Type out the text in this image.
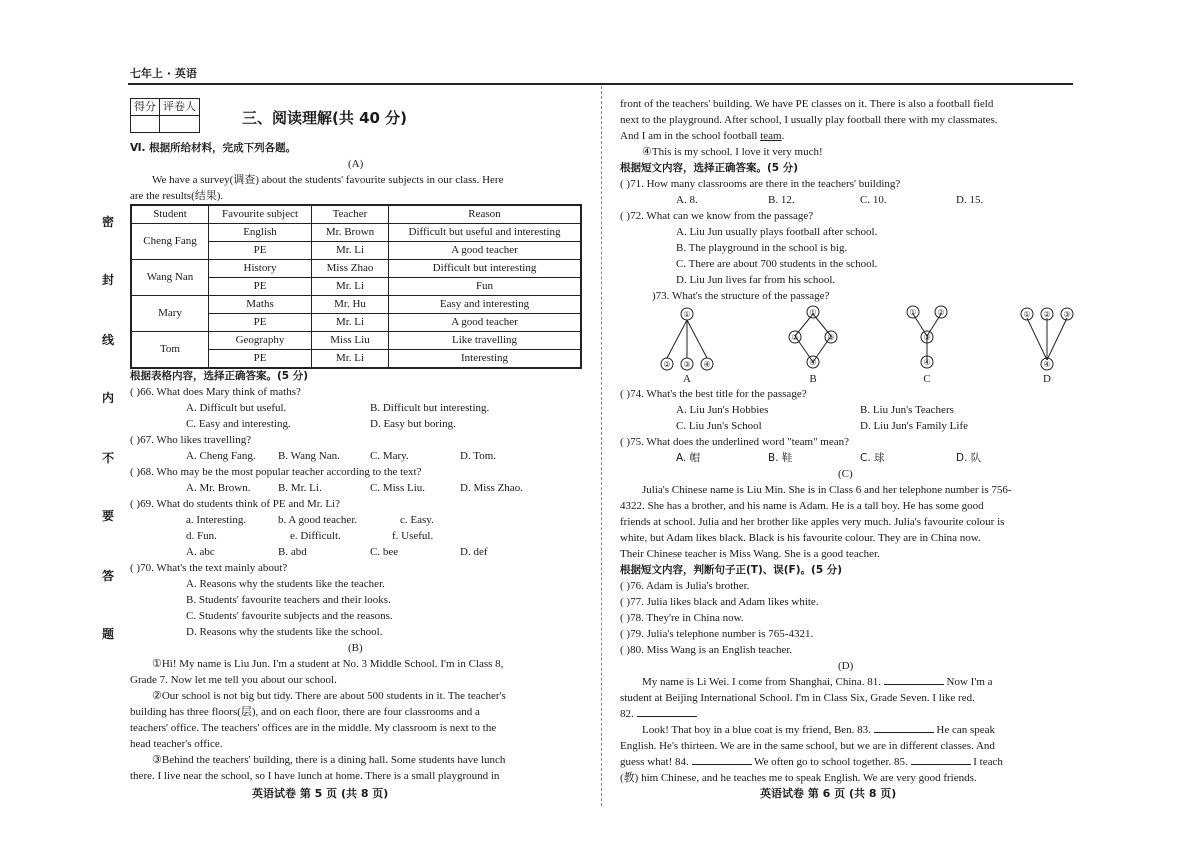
七年上 · 英语
密
封
线
内
不
要
答
题
得分	评卷人

三、阅读理解(共 40 分)
Ⅵ. 根据所给材料，完成下列各题。
(A)
We have a survey(调查) about the students' favourite subjects in our class. Here
are the results(结果).
Student	Favourite subject	Teacher	Reason
Cheng Fang	English	Mr. Brown	Difficult but useful and interesting
	PE	Mr. Li	A good teacher
Wang Nan	History	Miss Zhao	Difficult but interesting
	PE	Mr. Li	Fun
Mary	Maths	Mr. Hu	Easy and interesting
	PE	Mr. Li	A good teacher
Tom	Geography	Miss Liu	Like travelling
	PE	Mr. Li	Interesting
根据表格内容，选择正确答案。(5 分)
( )66. What does Mary think of maths?
A. Difficult but useful.	B. Difficult but interesting.
C. Easy and interesting.	D. Easy but boring.
( )67. Who likes travelling?
A. Cheng Fang. B. Wang Nan.	C. Mary.	D. Tom.
( )68. Who may be the most popular teacher according to the text?
A. Mr. Brown.	B. Mr. Li.	C. Miss Liu.	D. Miss Zhao.
( )69. What do students think of PE and Mr. Li?
a. Interesting.	b. A good teacher.	c. Easy.
d. Fun.	e. Difficult.	f. Useful.
A. abc	B. abd	C. bee	D. def
( )70. What's the text mainly about?
A. Reasons why the students like the teacher.
B. Students' favourite teachers and their looks.
C. Students' favourite subjects and the reasons.
D. Reasons why the students like the school.
(B)
①Hi! My name is Liu Jun. I'm a student at No. 3 Middle School. I'm in Class 8,
Grade 7. Now let me tell you about our school.
②Our school is not big but tidy. There are about 500 students in it. The teacher's
building has three floors(层), and on each floor, there are four classrooms and a
teachers' office. The teachers' offices are in the middle. My classroom is next to the
head teacher's office.
③Behind the teachers' building, there is a dining hall. Some students have lunch
there. I live near the school, so I have lunch at home. There is a small playground in
front of the teachers' building. We have PE classes on it. There is also a football field
next to the playground. After school, I usually play football there with my classmates.
And I am in the school football team.
④This is my school. I love it very much!
根据短文内容，选择正确答案。(5 分)
( )71. How many classrooms are there in the teachers' building?
A. 8.	B. 12.	C. 10.	D. 15.
( )72. What can we know from the passage?
A. Liu Jun usually plays football after school.
B. The playground in the school is big.
C. There are about 700 students in the school.
D. Liu Jun lives far from his school.
)73. What's the structure of the passage?
①
② ③ ④
①
②	③
④
①	②
③
④
① ② ③
④
A	B	C	D
( )74. What's the best title for the passage?
A. Liu Jun's Hobbies	B. Liu Jun's Teachers
C. Liu Jun's School	D. Liu Jun's Family Life
( )75. What does the underlined word "team" mean?
A. 帽	B. 鞋	C. 球	D. 队
(C)
Julia's Chinese name is Liu Min. She is in Class 6 and her telephone number is 756-
4322. She has a brother, and his name is Adam. He is a tall boy. He has some good
friends at school. Julia and her brother like apples very much. Julia's favourite colour is
white, but Adam likes black. Black is his favourite colour. They are in China now.
Their Chinese teacher is Miss Wang. She is a good teacher.
根据短文内容，判断句子正(T)、误(F)。(5 分)
( )76. Adam is Julia's brother.
( )77. Julia likes black and Adam likes white.
( )78. They're in China now.
( )79. Julia's telephone number is 765-4321.
( )80. Miss Wang is an English teacher.
(D)
My name is Li Wei. I come from Shanghai, China. 81.	Now I'm a
student at Beijing International School. I'm in Class Six, Grade Seven. I like red.
82.
Look! That boy in a blue coat is my friend, Ben. 83.	He can speak
English. He's thirteen. We are in the same school, but we are in different classes. And
guess what! 84.	We often go to school together. 85.	I teach
(教) him Chinese, and he teaches me to speak English. We are very good friends.
英语试卷 第 5 页 (共 8 页)	英语试卷 第 6 页 (共 8 页)
